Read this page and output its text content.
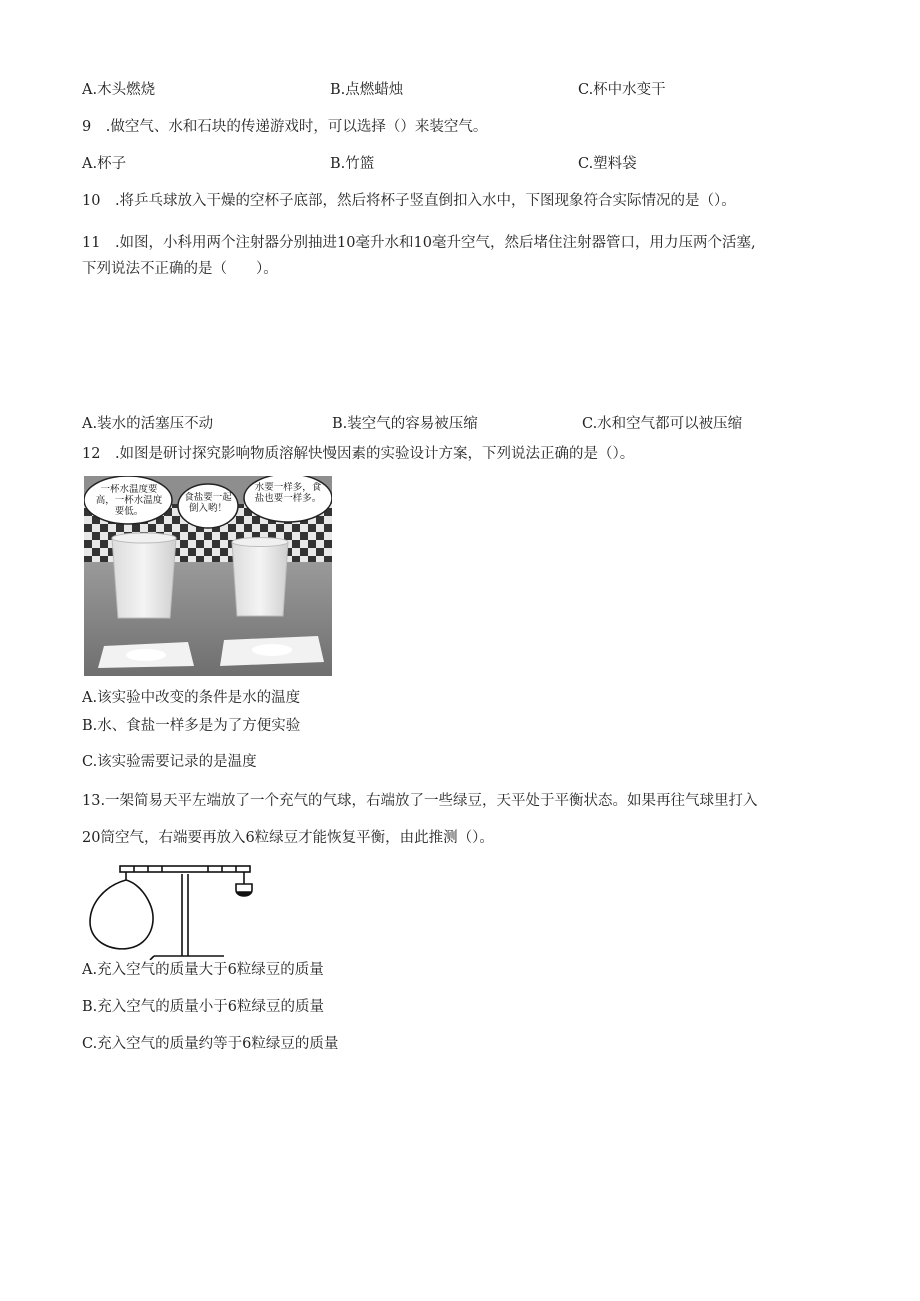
A.木头燃烧	B.点燃蜡烛	C.杯中水变干
9　.做空气、水和石块的传递游戏时，可以选择（）来装空气。
A.杯子	B.竹篮	C.塑料袋
10　.将乒乓球放入干燥的空杯子底部，然后将杯子竖直倒扣入水中，下图现象符合实际情况的是（）。
11　.如图，小科用两个注射器分别抽进10毫升水和10毫升空气，然后堵住注射器管口，用力压两个活塞,
下列说法不正确的是（　　）。
A.装水的活塞压不动	B.装空气的容易被压缩	C.水和空气都可以被压缩
12　.如图是研讨探究影响物质溶解快慢因素的实验设计方案，下列说法正确的是（）。
一杯水温度要高，一杯水温度要低。
食盐要一起倒入哟！
水要一样多，食盐也要一样多。
A.该实验中改变的条件是水的温度
B.水、食盐一样多是为了方便实验
C.该实验需要记录的是温度
13.一架简易天平左端放了一个充气的气球，右端放了一些绿豆，天平处于平衡状态。如果再往气球里打入
20筒空气，右端要再放入6粒绿豆才能恢复平衡，由此推测（）。
A.充入空气的质量大于6粒绿豆的质量
B.充入空气的质量小于6粒绿豆的质量
C.充入空气的质量约等于6粒绿豆的质量
